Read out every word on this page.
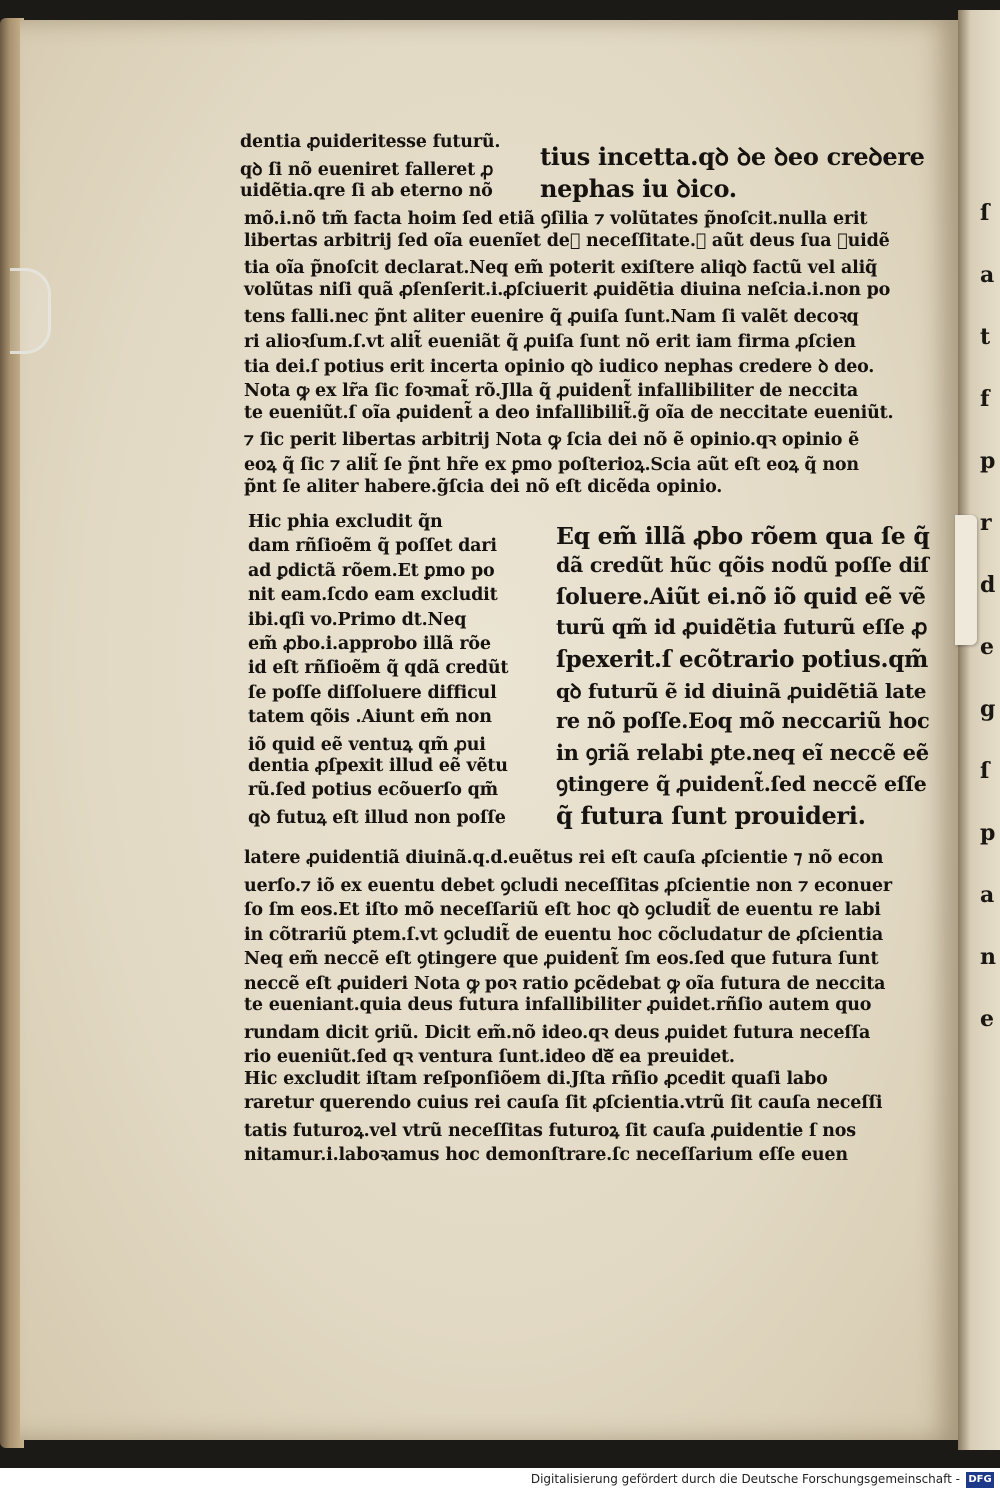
ſ
a
t
f
p
r
d
e
g
ſ
p
a
n
e
dentia ꝓuideritesse futurũ.
qꝺ ſi nõ eueniret falleret ꝓ
uidẽtia.qre ſi ab eterno nõ
tius incetta.qꝺ ꝺe ꝺeo creꝺere
nephas iu ꝺico.
mõ.i.nõ tm̃ facta hoim ſed etiã ꝯſilia ⁊ volũtates p̃noſcit.nulla erit
libertas arbitrij ſed oĩa euenĩet deᷓ neceſſitate.ꝙ aũt deus ſua ꝓuidẽ
tia oĩa p̃noſcit declarat.Neq em̃ poterit exiſtere aliqꝺ factũ vel aliq̃
volũtas niſi quã ꝓſenſerit.i.ꝓſciuerit ꝓuidẽtia diuina neſcia.i.non po
tens falli.nec p̃nt aliter euenire q̃ ꝓuiſa ſunt.Nam ſi valẽt decoꝛq
ri alioꝛſum.ſ.vt alit̃ eueniãt q̃ ꝓuiſa ſunt nõ erit iam firma ꝓſcien
tia dei.ſ potius erit incerta opinio qꝺ iudico nephas credere ꝺ deo.
Nota ꝙ ex lr̃a ſic foꝛmat̃ rõ.Jlla q̃ ꝓuident̃ infallibiliter de neccita
te eueniũt.ſ oĩa ꝓuident̃ a deo infallibilit̃.g̃ oĩa de neccitate eueniũt.
⁊ ſic perit libertas arbitrij Nota ꝙ ſcia dei nõ ẽ opinio.qꝛ opinio ẽ
eoꝝ q̃ ſic ⁊ alit̃ ſe p̃nt hr̃e ex ꝑmo poſterioꝝ.Scia aũt eſt eoꝝ q̃ non
p̃nt ſe aliter habere.g̃ſcia dei nõ eſt dicẽda opinio.
Hic phia excludit q̃n
dam rñſioẽm q̃ poſſet dari
ad ꝑdictã rõem.Et ꝑmo po
nit eam.ſcdo eam excludit
ibi.qſi vo.Primo dt.Neq
em̃ ꝓbo.i.approbo illã rõe
id eſt rñſioẽm q̃ qdã credũt
ſe poſſe diſſoluere difficul
tatem qõis .Aiunt em̃ non
iõ quid eẽ ventuꝝ qm̃ ꝓui
dentia ꝓſpexit illud eẽ vẽtu
rũ.ſed potius ecõuerſo qm̃
qꝺ futuꝝ eſt illud non poſſe
Eq em̃ illã ꝓbo rõem qua ſe q̃
dã credũt hũc qõis nodũ poſſe diſ
ſoluere.Aiũt ei.nõ iõ quid eẽ vẽ
turũ qm̃ id ꝓuidẽtia futurũ eſſe ꝓ
ſpexerit.ſ ecõtrario potius.qm̃
qꝺ futurũ ẽ id diuinã ꝓuidẽtiã late
re nõ poſſe.Eoq mõ neccariũ hoc
in ꝯriã relabi ꝑte.neq eĩ neccẽ eẽ
ꝯtingere q̃ ꝓuident̃.ſed neccẽ eſſe
q̃ futura ſunt prouideri.
latere ꝓuidentiã diuinã.q.d.euẽtus rei eſt cauſa ꝓſcientie ⁊ nõ econ
uerſo.⁊ iõ ex euentu debet ꝯcludi neceſſitas ꝓſcientie non ⁊ econuer
ſo ſm eos.Et iſto mõ neceſſariũ eſt hoc qꝺ ꝯcludit̃ de euentu re labi
in cõtrariũ ꝑtem.ſ.vt ꝯcludit̃ de euentu hoc cõcludatur de ꝓſcientia
Neq em̃ neccẽ eſt ꝯtingere que ꝓuident̃ ſm eos.ſed que futura ſunt
neccẽ eſt ꝓuideri Nota ꝙ poꝛ ratio ꝑcẽdebat ꝙ oĩa futura de neccita
te eueniant.quia deus futura infallibiliter ꝓuidet.rñſio autem quo
rundam dicit ꝯriũ. Dicit em̃.nõ ideo.qꝛ deus ꝓuidet futura neceſſa
rio eueniũt.ſed qꝛ ventura ſunt.ideo deᷓ ea preuidet.
Hic excludit iſtam reſponſiõem di.Jſta rñſio ꝓcedit quaſi labo
raretur querendo cuius rei cauſa ſit ꝓſcientia.vtrũ ſit cauſa neceſſi
tatis futuroꝝ.vel vtrũ neceſſitas futuroꝝ ſit cauſa ꝓuidentie ſ nos
nitamur.i.laboꝛamus hoc demonſtrare.ſc neceſſarium eſſe euen
Digitalisierung gefördert durch die Deutsche Forschungsgemeinschaft - DFG
